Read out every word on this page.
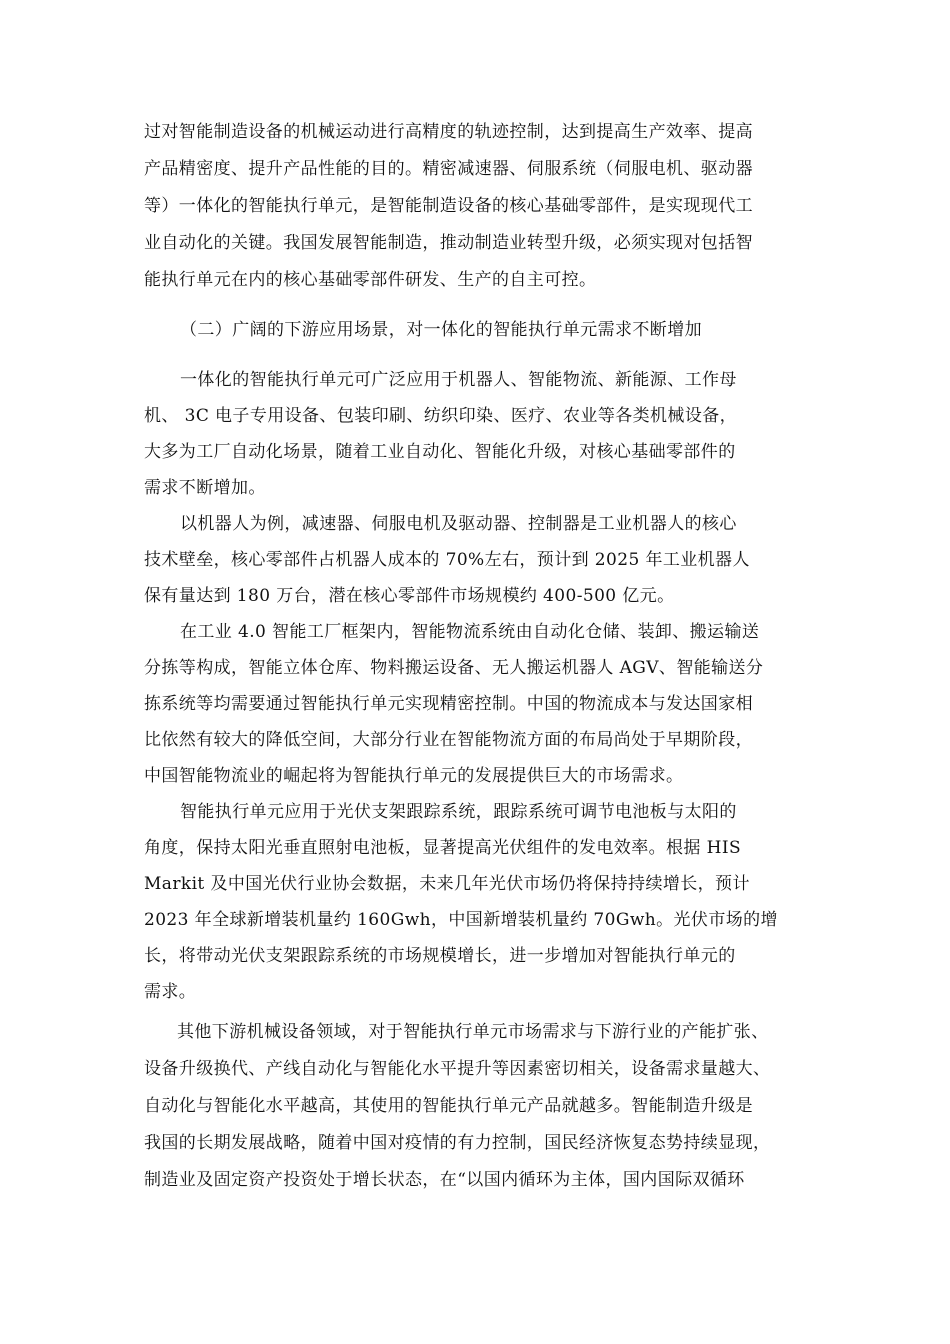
过对智能制造设备的机械运动进行高精度的轨迹控制，达到提高生产效率、提高
产品精密度、提升产品性能的目的。精密减速器、伺服系统（伺服电机、驱动器
等）一体化的智能执行单元，是智能制造设备的核心基础零部件，是实现现代工
业自动化的关键。我国发展智能制造，推动制造业转型升级，必须实现对包括智
能执行单元在内的核心基础零部件研发、生产的自主可控。
（二）广阔的下游应用场景，对一体化的智能执行单元需求不断增加
一体化的智能执行单元可广泛应用于机器人、智能物流、新能源、工作母
机、 3C 电子专用设备、包装印刷、纺织印染、医疗、农业等各类机械设备，
大多为工厂自动化场景，随着工业自动化、智能化升级，对核心基础零部件的
需求不断增加。
以机器人为例，减速器、伺服电机及驱动器、控制器是工业机器人的核心
技术壁垒，核心零部件占机器人成本的 70%左右，预计到 2025 年工业机器人
保有量达到 180 万台，潜在核心零部件市场规模约 400-500 亿元。
在工业 4.0 智能工厂框架内，智能物流系统由自动化仓储、装卸、搬运输送
分拣等构成，智能立体仓库、物料搬运设备、无人搬运机器人 AGV、智能输送分
拣系统等均需要通过智能执行单元实现精密控制。中国的物流成本与发达国家相
比依然有较大的降低空间，大部分行业在智能物流方面的布局尚处于早期阶段，
中国智能物流业的崛起将为智能执行单元的发展提供巨大的市场需求。
智能执行单元应用于光伏支架跟踪系统，跟踪系统可调节电池板与太阳的
角度，保持太阳光垂直照射电池板，显著提高光伏组件的发电效率。根据 HIS
Markit 及中国光伏行业协会数据，未来几年光伏市场仍将保持持续增长，预计
2023 年全球新增装机量约 160Gwh，中国新增装机量约 70Gwh。光伏市场的增
长，将带动光伏支架跟踪系统的市场规模增长，进一步增加对智能执行单元的
需求。
其他下游机械设备领域，对于智能执行单元市场需求与下游行业的产能扩张、
设备升级换代、产线自动化与智能化水平提升等因素密切相关，设备需求量越大、
自动化与智能化水平越高，其使用的智能执行单元产品就越多。智能制造升级是
我国的长期发展战略，随着中国对疫情的有力控制，国民经济恢复态势持续显现，
制造业及固定资产投资处于增长状态，在“以国内循环为主体，国内国际双循环
